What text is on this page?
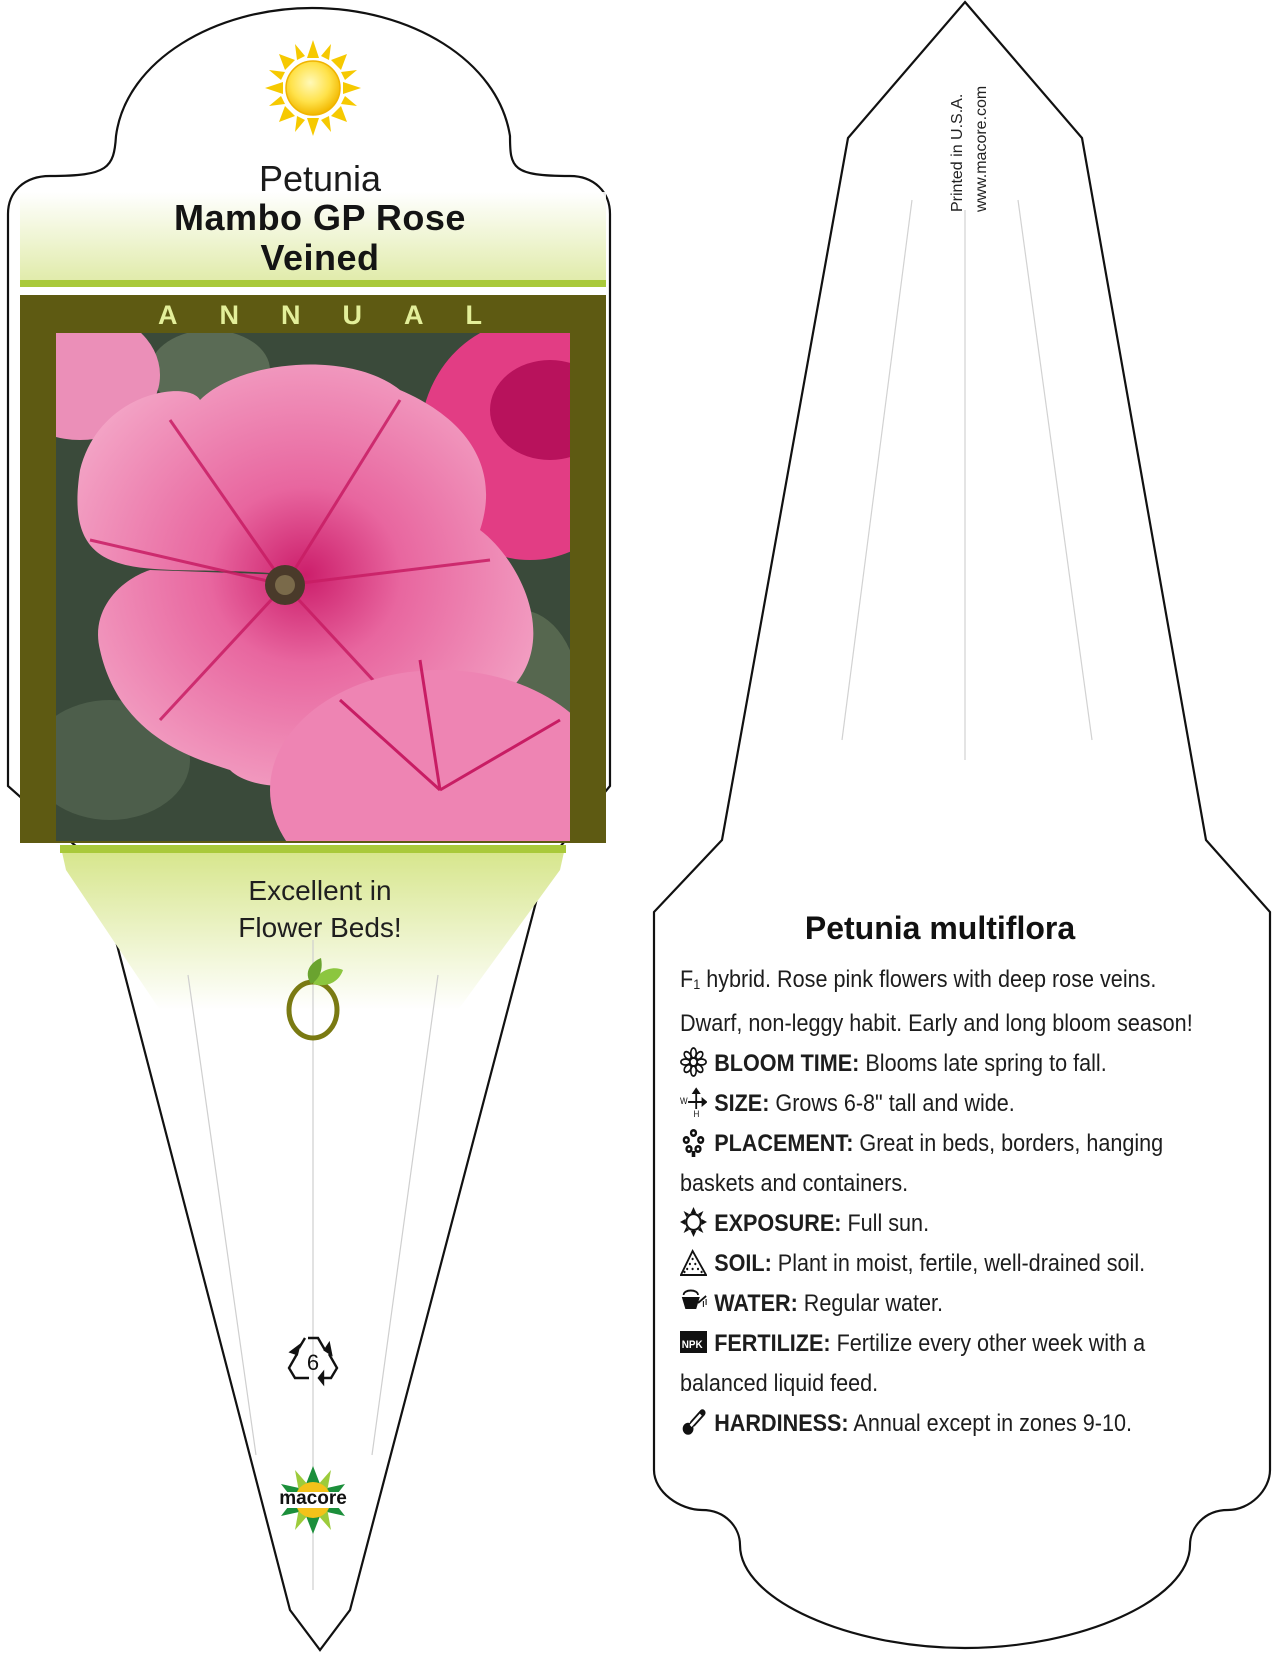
Petunia
Mambo GP Rose
Veined
ANNUAL
Excellent in
Flower Beds!
6
macore
Printed in U.S.A. www.macore.com
Petunia multiflora

F1 hybrid. Rose pink flowers with deep rose veins. Dwarf, non-leggy habit. Early and long bloom season!

BLOOM TIME: Blooms late spring to fall.

W
H SIZE: Grows 6-8" tall and wide.

PLACEMENT: Great in beds, borders, hanging baskets and containers.

EXPOSURE: Full sun.

SOIL: Plant in moist, fertile, well-drained soil.

WATER: Regular water.

NPK FERTILIZE: Fertilize every other week with a balanced liquid feed.

HARDINESS: Annual except in zones 9-10.
